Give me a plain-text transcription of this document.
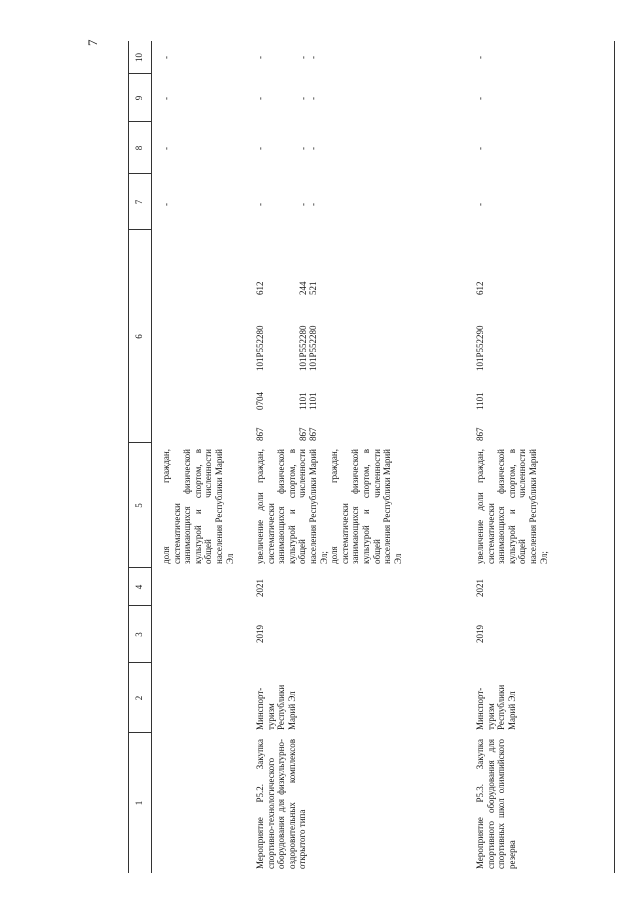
7
1
2
3
4
5
6
7
8
9
10
доля граждан, систематически занимающихся физической культурой и спортом, в общей численности населения Республики Марий Эл
-
-
-
-
Мероприятие P5.2. Закупка спортивно-технологического оборудования для физкультурно-оздоровительных комплексов открытого типа
Минспорт-туризм Республики Марий Эл
2019
2021
увеличение доли граждан, систематически занимающихся физической культурой и спортом, в общей численности населения Республики Марий Эл;
доля граждан, систематически занимающихся физической культурой и спортом, в общей численности населения Республики Марий Эл
867
0704
101P552280
612
-
-
-
-
867
1101
101P552280
244
-
-
-
-
867
1101
101P552280
521
-
-
-
-
Мероприятие P5.3. Закупка спортивного оборудования для спортивных школ олимпийского резерва
Минспорт-туризм Республики Марий Эл
2019
2021
увеличение доли граждан, систематически занимающихся физической культурой и спортом, в общей численности населения Республики Марий Эл;
867
1101
101P552290
612
-
-
-
-
